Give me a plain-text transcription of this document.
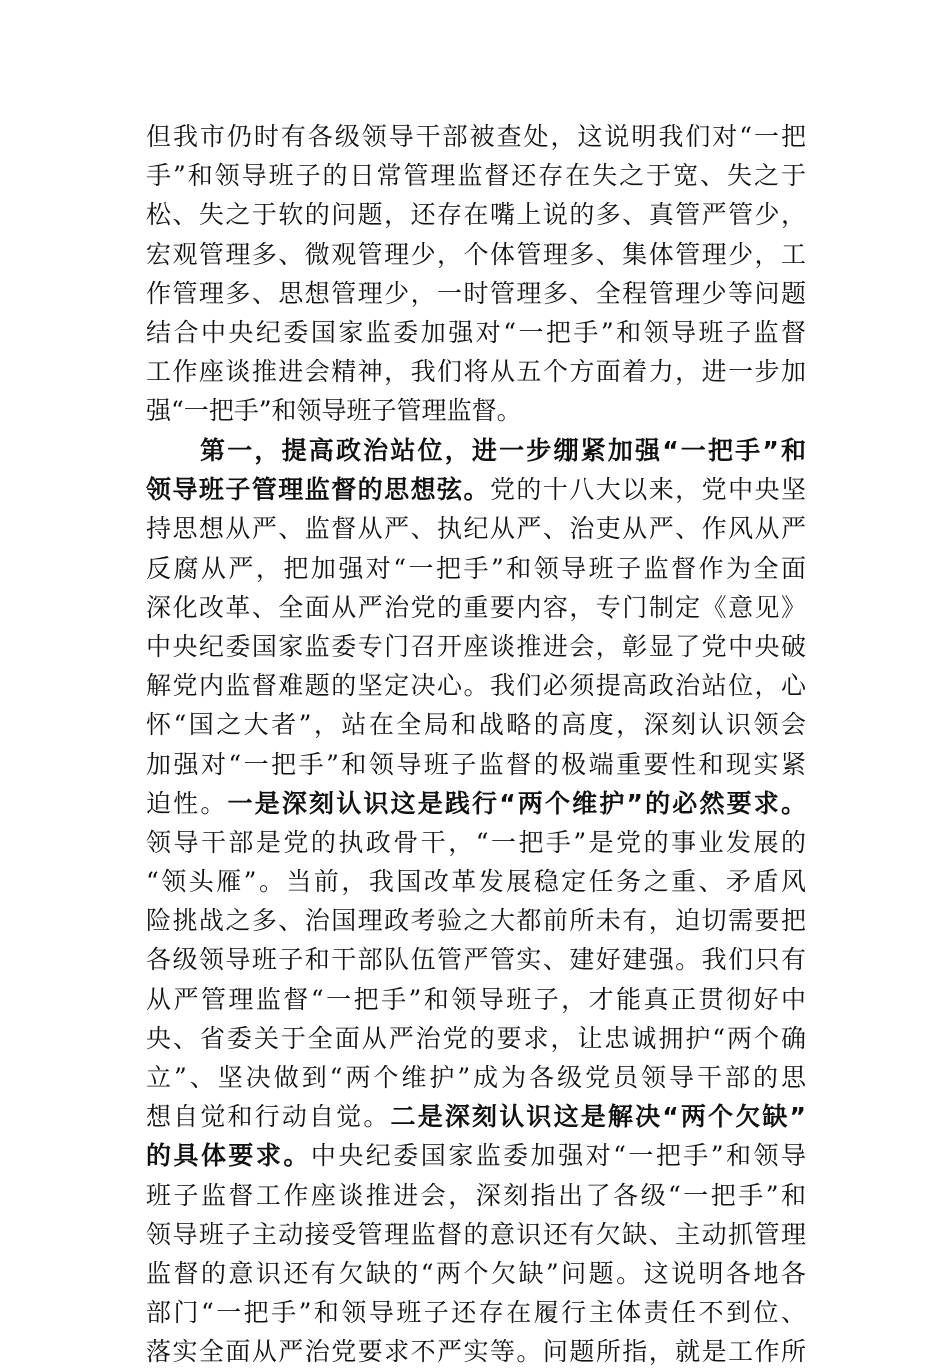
但我市仍时有各级领导干部被查处，这说明我们对“一把
手”和领导班子的日常管理监督还存在失之于宽、失之于
松、失之于软的问题，还存在嘴上说的多、真管严管少，
宏观管理多、微观管理少，个体管理多、集体管理少，工
作管理多、思想管理少，一时管理多、全程管理少等问题
结合中央纪委国家监委加强对“一把手”和领导班子监督
工作座谈推进会精神，我们将从五个方面着力，进一步加
强“一把手”和领导班子管理监督。
第一，提高政治站位，进一步绷紧加强“一把手”和
领导班子管理监督的思想弦。党的十八大以来，党中央坚
持思想从严、监督从严、执纪从严、治吏从严、作风从严
反腐从严，把加强对“一把手”和领导班子监督作为全面
深化改革、全面从严治党的重要内容，专门制定《意见》
中央纪委国家监委专门召开座谈推进会，彰显了党中央破
解党内监督难题的坚定决心。我们必须提高政治站位，心
怀“国之大者”，站在全局和战略的高度，深刻认识领会
加强对“一把手”和领导班子监督的极端重要性和现实紧
迫性。一是深刻认识这是践行“两个维护”的必然要求。
领导干部是党的执政骨干，“一把手”是党的事业发展的
“领头雁”。当前，我国改革发展稳定任务之重、矛盾风
险挑战之多、治国理政考验之大都前所未有，迫切需要把
各级领导班子和干部队伍管严管实、建好建强。我们只有
从严管理监督“一把手”和领导班子，才能真正贯彻好中
央、省委关于全面从严治党的要求，让忠诚拥护“两个确
立”、坚决做到“两个维护”成为各级党员领导干部的思
想自觉和行动自觉。二是深刻认识这是解决“两个欠缺”
的具体要求。中央纪委国家监委加强对“一把手”和领导
班子监督工作座谈推进会，深刻指出了各级“一把手”和
领导班子主动接受管理监督的意识还有欠缺、主动抓管理
监督的意识还有欠缺的“两个欠缺”问题。这说明各地各
部门“一把手”和领导班子还存在履行主体责任不到位、
落实全面从严治党要求不严实等。问题所指，就是工作所
